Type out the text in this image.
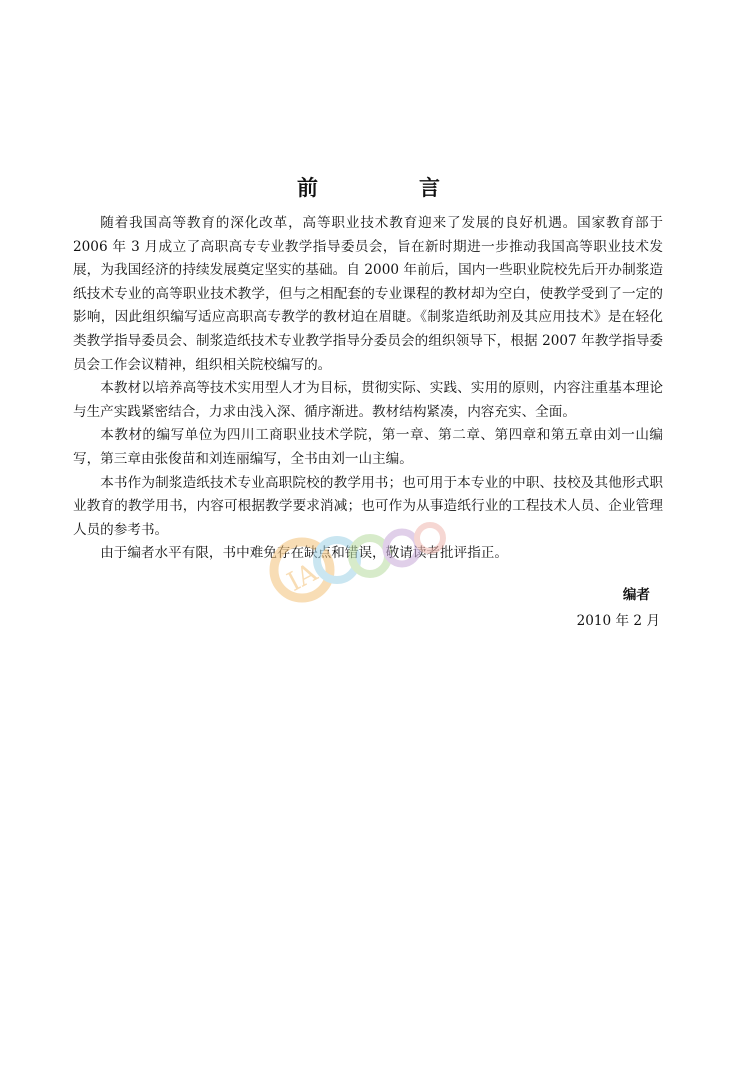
前　言

随着我国高等教育的深化改革，高等职业技术教育迎来了发展的良好机遇。国家教育部于 2006 年 3 月成立了高职高专专业教学指导委员会，旨在新时期进一步推动我国高等职业技术发展，为我国经济的持续发展奠定坚实的基础。自 2000 年前后，国内一些职业院校先后开办制浆造纸技术专业的高等职业技术教学，但与之相配套的专业课程的教材却为空白，使教学受到了一定的影响，因此组织编写适应高职高专教学的教材迫在眉睫。《制浆造纸助剂及其应用技术》是在轻化类教学指导委员会、制浆造纸技术专业教学指导分委员会的组织领导下，根据 2007 年教学指导委员会工作会议精神，组织相关院校编写的。

本教材以培养高等技术实用型人才为目标，贯彻实际、实践、实用的原则，内容注重基本理论与生产实践紧密结合，力求由浅入深、循序渐进。教材结构紧凑，内容充实、全面。

本教材的编写单位为四川工商职业技术学院，第一章、第二章、第四章和第五章由刘一山编写，第三章由张俊苗和刘连丽编写，全书由刘一山主编。

本书作为制浆造纸技术专业高职院校的教学用书；也可用于本专业的中职、技校及其他形式职业教育的教学用书，内容可根据教学要求消减；也可作为从事造纸行业的工程技术人员、企业管理人员的参考书。

由于编者水平有限，书中难免存在缺点和错误，敬请读者批评指正。

IA	编者
2010 年 2 月
